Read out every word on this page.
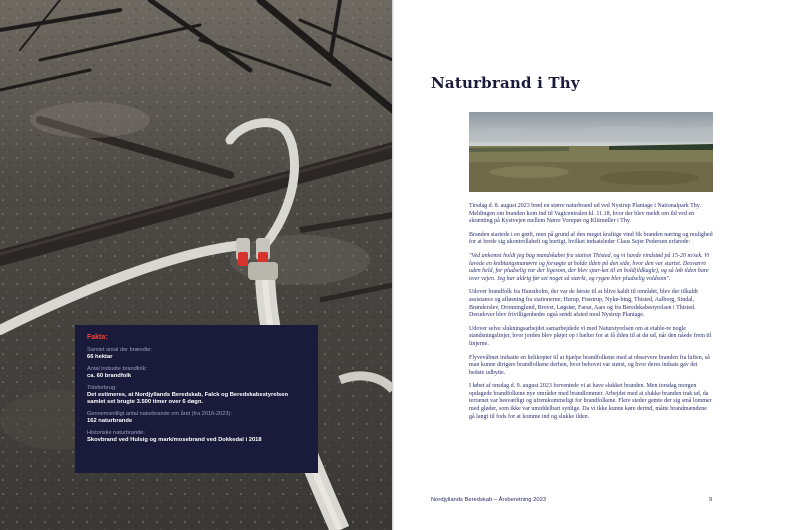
Fakta:
Samlet areal der brændte:
66 hektar
Antal indsatte brandfolk:
ca. 60 brandfolk
Tidsforbrug:
Det estimeres, at Nordjyllands Beredskab, Falck og Beredskabsstyrelsen samlet set brugte 3.500 timer over 6 døgn.
Gennemsnitligt antal naturbrande om året (fra 2016-2023):
162 naturbrande
Historiske naturbrande:
Skovbrand ved Hulsig og mark/mosebrand ved Dokkedal i 2018
Naturbrand i Thy

Tirsdag d. 8. august 2023 brød en større naturbrand ud ved Nystrup Plantage i Nationalpark Thy. Meldingen om branden kom ind til Vagtcentralen kl. 11.18, hvor der blev meldt om ild ved en skrænting på Kystvejen mellem Nørre Vorupør og Klitmøller i Thy.

Branden startede i en grøft, men på grund af den meget kraftige vind fik branden næring og mulighed for at brede sig ukontrollabelt og hurtigt, hvilket indsatsleder Claus Sejer Pedersen erfarede:

"Ved ankomst holdt jeg bag mandskabet fra station Thisted, og vi havde vindstød på 15-20 m/sek. Vi lavede en knibtangsmanøvre og forsøgte at holde ilden på den side, hvor den var startet. Desværre uden held, for pludselig var der ligesom, der blev spar-ket til en bold(ildkugle), og så løb ilden bare over vejen. Jeg har aldrig før set noget så stærkt, og rygen blev pludselig voldsom".

Udover brandfolk fra Hanstholm, der var de første til at blive kaldt til området, blev der tilkaldt assistance og afløsning fra stationerne; Hurup, Frøstrup, Nykø-bing, Thisted, Aalborg, Sindal, Brønderslev, Dronninglund, Brovst, Løgstør, Farsø, Aars og fra Beredskabsstyrelsen i Thisted. Derudover blev frivilligenheder også sendt afsted mod Nystrup Plantage.

Udover selve slukningsarbejdet samarbejdede vi med Naturstyrelsen om at etable-re nogle standsningslinjer, hvor jorden blev pløjet op i bælter for at få ilden til at dø ud, når den nåede frem til linjerne.

Flyvevåbnet indsatte en helikopter til at hjælpe brandfolkene med at observere branden fra luften, så man kunne dirigere brandfolkene derhen, hvor behovet var størst, og hvor deres indsats gav det bedste udbytte.

I løbet af onsdag d. 9. august 2023 forventede vi at have slukket branden. Men torsdag morgen opdagede brandfolkene nye områder med brandlommer. Arbejdet med at slukke branden trak ud, da terrænet var besværligt og ufremkommeligt for brandfolkene. Flere steder gemte der sig små lommer med gløder, som ikke var umiddelbart synlige. Da vi ikke kunne køre derind, måtte brandmændene gå langt til fods for at komme ind og slukke ilden.

Nordjyllands Beredskab – Årsberetning 2023	9
